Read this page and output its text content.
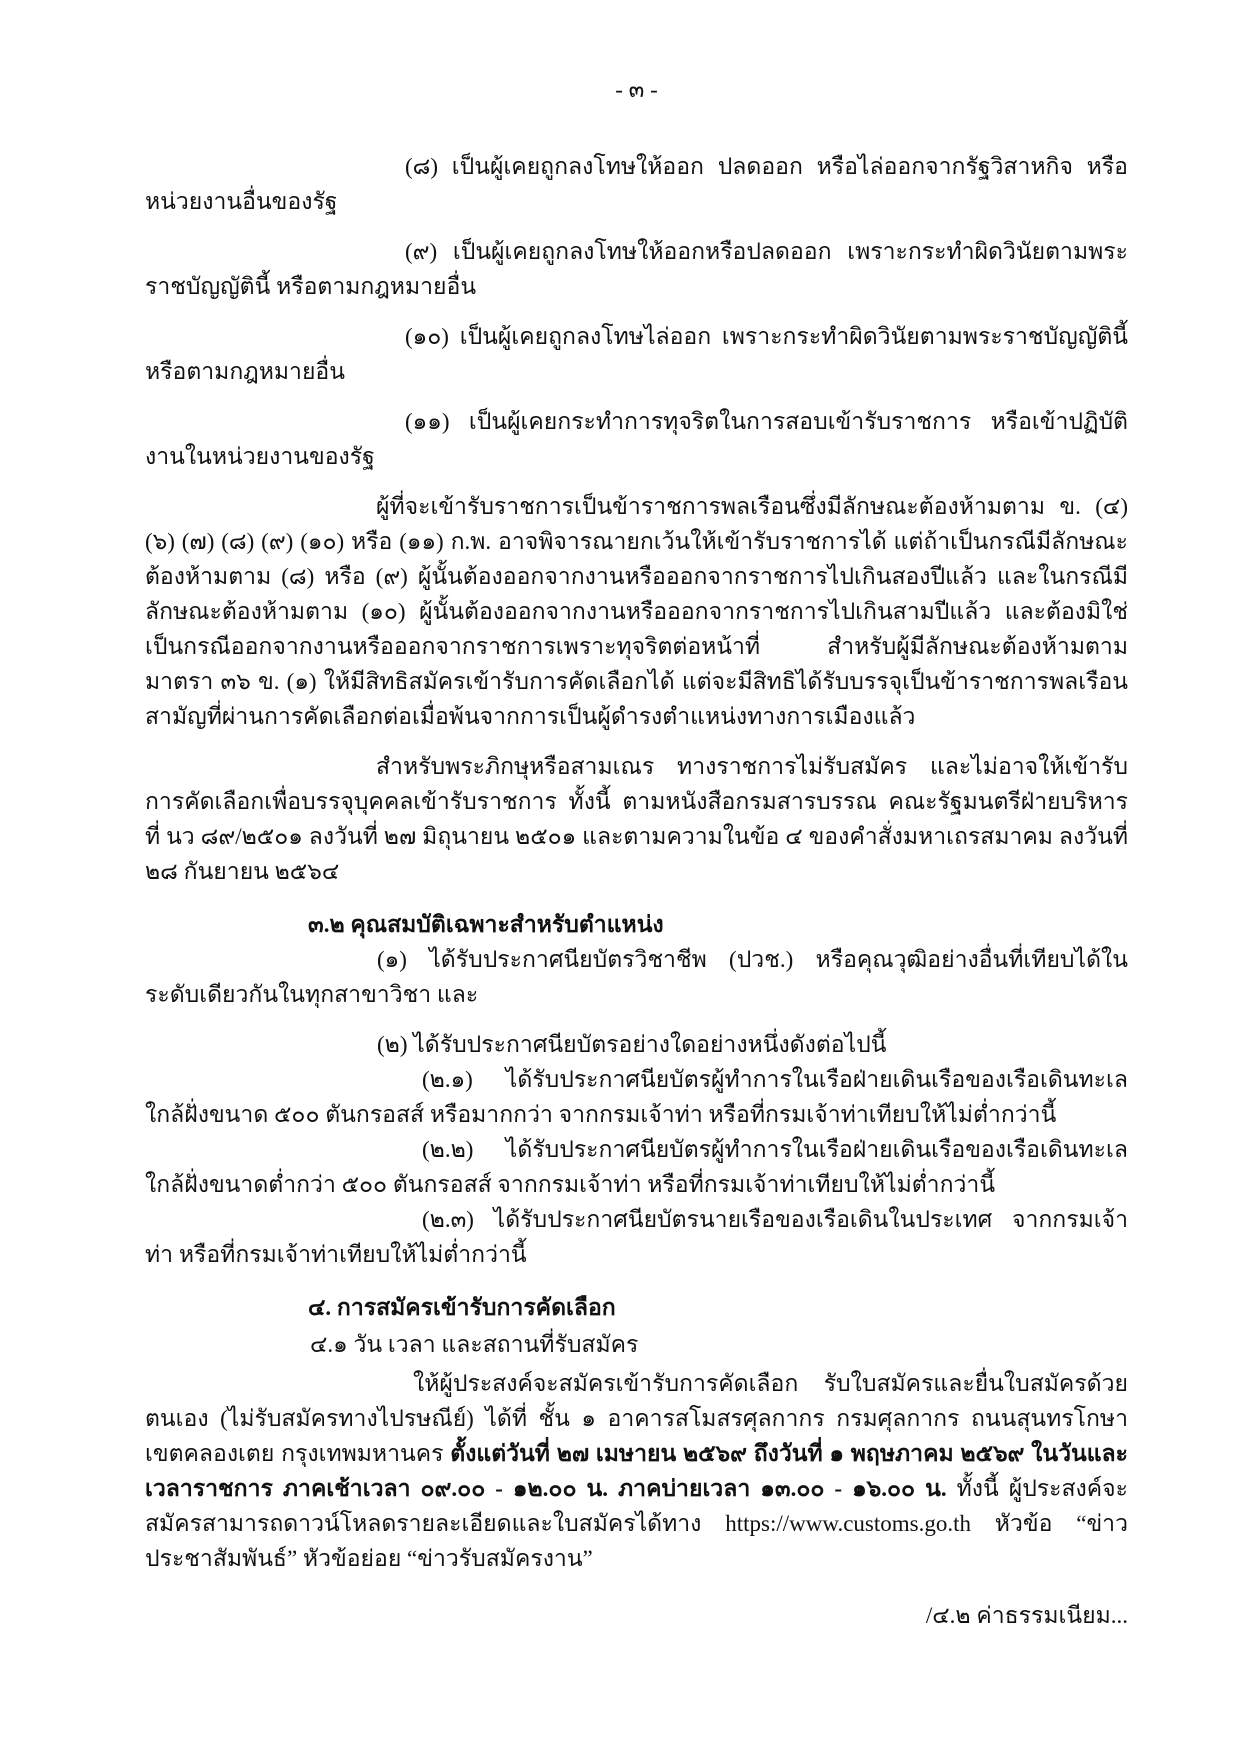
- ๓ -

(๘) เป็นผู้เคยถูกลงโทษให้ออก ปลดออก หรือไล่ออกจากรัฐวิสาหกิจ หรือหน่วยงานอื่นของรัฐ

(๙) เป็นผู้เคยถูกลงโทษให้ออกหรือปลดออก เพราะกระทำผิดวินัยตามพระราชบัญญัตินี้ หรือตามกฎหมายอื่น

(๑๐) เป็นผู้เคยถูกลงโทษไล่ออก เพราะกระทำผิดวินัยตามพระราชบัญญัตินี้ หรือตามกฎหมายอื่น

(๑๑) เป็นผู้เคยกระทำการทุจริตในการสอบเข้ารับราชการ หรือเข้าปฏิบัติงานในหน่วยงานของรัฐ

ผู้ที่จะเข้ารับราชการเป็นข้าราชการพลเรือนซึ่งมีลักษณะต้องห้ามตาม ข. (๔) (๖) (๗) (๘) (๙) (๑๐) หรือ (๑๑) ก.พ. อาจพิจารณายกเว้นให้เข้ารับราชการได้ แต่ถ้าเป็นกรณีมีลักษณะต้องห้ามตาม (๘) หรือ (๙) ผู้นั้นต้องออกจากงานหรือออกจากราชการไปเกินสองปีแล้ว และในกรณีมีลักษณะต้องห้ามตาม (๑๐) ผู้นั้นต้องออกจากงานหรือออกจากราชการไปเกินสามปีแล้ว และต้องมิใช่เป็นกรณีออกจากงานหรือออกจากราชการเพราะทุจริตต่อหน้าที่ สำหรับผู้มีลักษณะต้องห้ามตามมาตรา ๓๖ ข. (๑) ให้มีสิทธิสมัครเข้ารับการคัดเลือกได้ แต่จะมีสิทธิได้รับบรรจุเป็นข้าราชการพลเรือนสามัญที่ผ่านการคัดเลือกต่อเมื่อพ้นจากการเป็นผู้ดำรงตำแหน่งทางการเมืองแล้ว

สำหรับพระภิกษุหรือสามเณร ทางราชการไม่รับสมัคร และไม่อาจให้เข้ารับการคัดเลือกเพื่อบรรจุบุคคลเข้ารับราชการ ทั้งนี้ ตามหนังสือกรมสารบรรณ คณะรัฐมนตรีฝ่ายบริหาร ที่ นว ๘๙/๒๕๐๑ ลงวันที่ ๒๗ มิถุนายน ๒๕๐๑ และตามความในข้อ ๔ ของคำสั่งมหาเถรสมาคม ลงวันที่ ๒๘ กันยายน ๒๕๖๔

๓.๒ คุณสมบัติเฉพาะสำหรับตำแหน่ง

(๑) ได้รับประกาศนียบัตรวิชาชีพ (ปวช.) หรือคุณวุฒิอย่างอื่นที่เทียบได้ในระดับเดียวกันในทุกสาขาวิชา และ

(๒) ได้รับประกาศนียบัตรอย่างใดอย่างหนึ่งดังต่อไปนี้

(๒.๑) ได้รับประกาศนียบัตรผู้ทำการในเรือฝ่ายเดินเรือของเรือเดินทะเลใกล้ฝั่งขนาด ๕๐๐ ตันกรอสส์ หรือมากกว่า จากกรมเจ้าท่า หรือที่กรมเจ้าท่าเทียบให้ไม่ต่ำกว่านี้

(๒.๒) ได้รับประกาศนียบัตรผู้ทำการในเรือฝ่ายเดินเรือของเรือเดินทะเลใกล้ฝั่งขนาดต่ำกว่า ๕๐๐ ตันกรอสส์ จากกรมเจ้าท่า หรือที่กรมเจ้าท่าเทียบให้ไม่ต่ำกว่านี้

(๒.๓) ได้รับประกาศนียบัตรนายเรือของเรือเดินในประเทศ จากกรมเจ้าท่า หรือที่กรมเจ้าท่าเทียบให้ไม่ต่ำกว่านี้

๔. การสมัครเข้ารับการคัดเลือก

๔.๑ วัน เวลา และสถานที่รับสมัคร

ให้ผู้ประสงค์จะสมัครเข้ารับการคัดเลือก รับใบสมัครและยื่นใบสมัครด้วยตนเอง (ไม่รับสมัครทางไปรษณีย์) ได้ที่ ชั้น ๑ อาคารสโมสรศุลกากร กรมศุลกากร ถนนสุนทรโกษา เขตคลองเตย กรุงเทพมหานคร ตั้งแต่วันที่ ๒๗ เมษายน ๒๕๖๙ ถึงวันที่ ๑ พฤษภาคม ๒๕๖๙ ในวันและเวลาราชการ ภาคเช้าเวลา ๐๙.๐๐ - ๑๒.๐๐ น. ภาคบ่ายเวลา ๑๓.๐๐ - ๑๖.๐๐ น. ทั้งนี้ ผู้ประสงค์จะสมัครสามารถดาวน์โหลดรายละเอียดและใบสมัครได้ทาง https://www.customs.go.th หัวข้อ “ข่าวประชาสัมพันธ์” หัวข้อย่อย “ข่าวรับสมัครงาน”

/๔.๒ ค่าธรรมเนียม...
